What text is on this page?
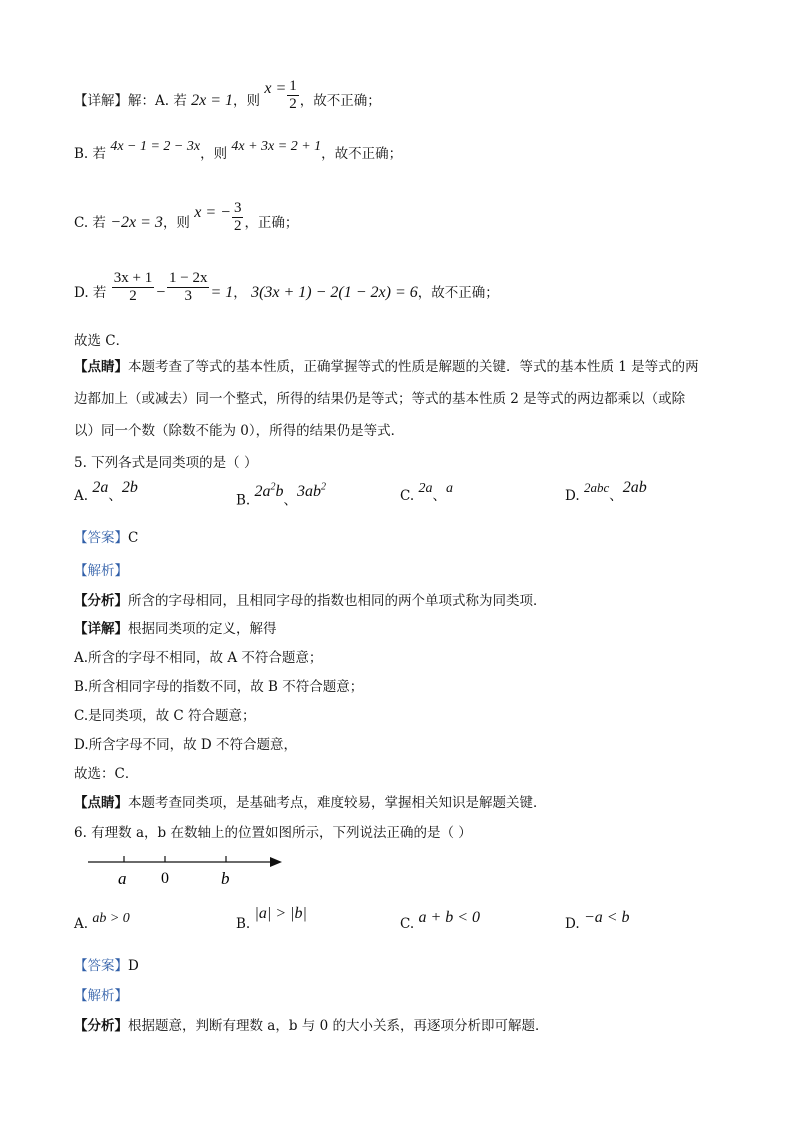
【详解】解：A. 若 2x = 1，则 $x = \frac{1}{2}$ ，故不正确；
B. 若 4x − 1 = 2 − 3x，则 4x + 3x = 2 + 1，故不正确；
C. 若 −2x = 3，则 x = − $\frac{3}{2}$ ，正确；
D. 若 $\frac{3x + 1}{2} - \frac{1 - 2x}{3} = 1$， 3(3x + 1) − 2(1 − 2x) = 6，故不正确；
故选 C．
【点睛】本题考查了等式的基本性质，正确掌握等式的性质是解题的关键．等式的基本性质 1 是等式的两
边都加上（或减去）同一个整式，所得的结果仍是等式；等式的基本性质 2 是等式的两边都乘以（或除
以）同一个数（除数不能为 0），所得的结果仍是等式．
5. 下列各式是同类项的是（ ）
A. 2a、2b
B. $2a^2b$、$3ab^2$
C. 2a、a	D. 2abc、2ab
【答案】C
【解析】
【分析】所含的字母相同，且相同字母的指数也相同的两个单项式称为同类项．
【详解】根据同类项的定义，解得
A.所含的字母不相同，故 A 不符合题意；
B.所含相同字母的指数不同，故 B 不符合题意；
C.是同类项，故 C 符合题意；
D.所含字母不同，故 D 不符合题意，
故选：C．
【点睛】本题考查同类项，是基础考点，难度较易，掌握相关知识是解题关键．
6. 有理数 a，b 在数轴上的位置如图所示，下列说法正确的是（ ）
a 0	b
A. ab > 0	B. |a| > |b|
C. a + b < 0	D. −a < b
【答案】D
【解析】
【分析】根据题意，判断有理数 a，b 与 0 的大小关系，再逐项分析即可解题．
